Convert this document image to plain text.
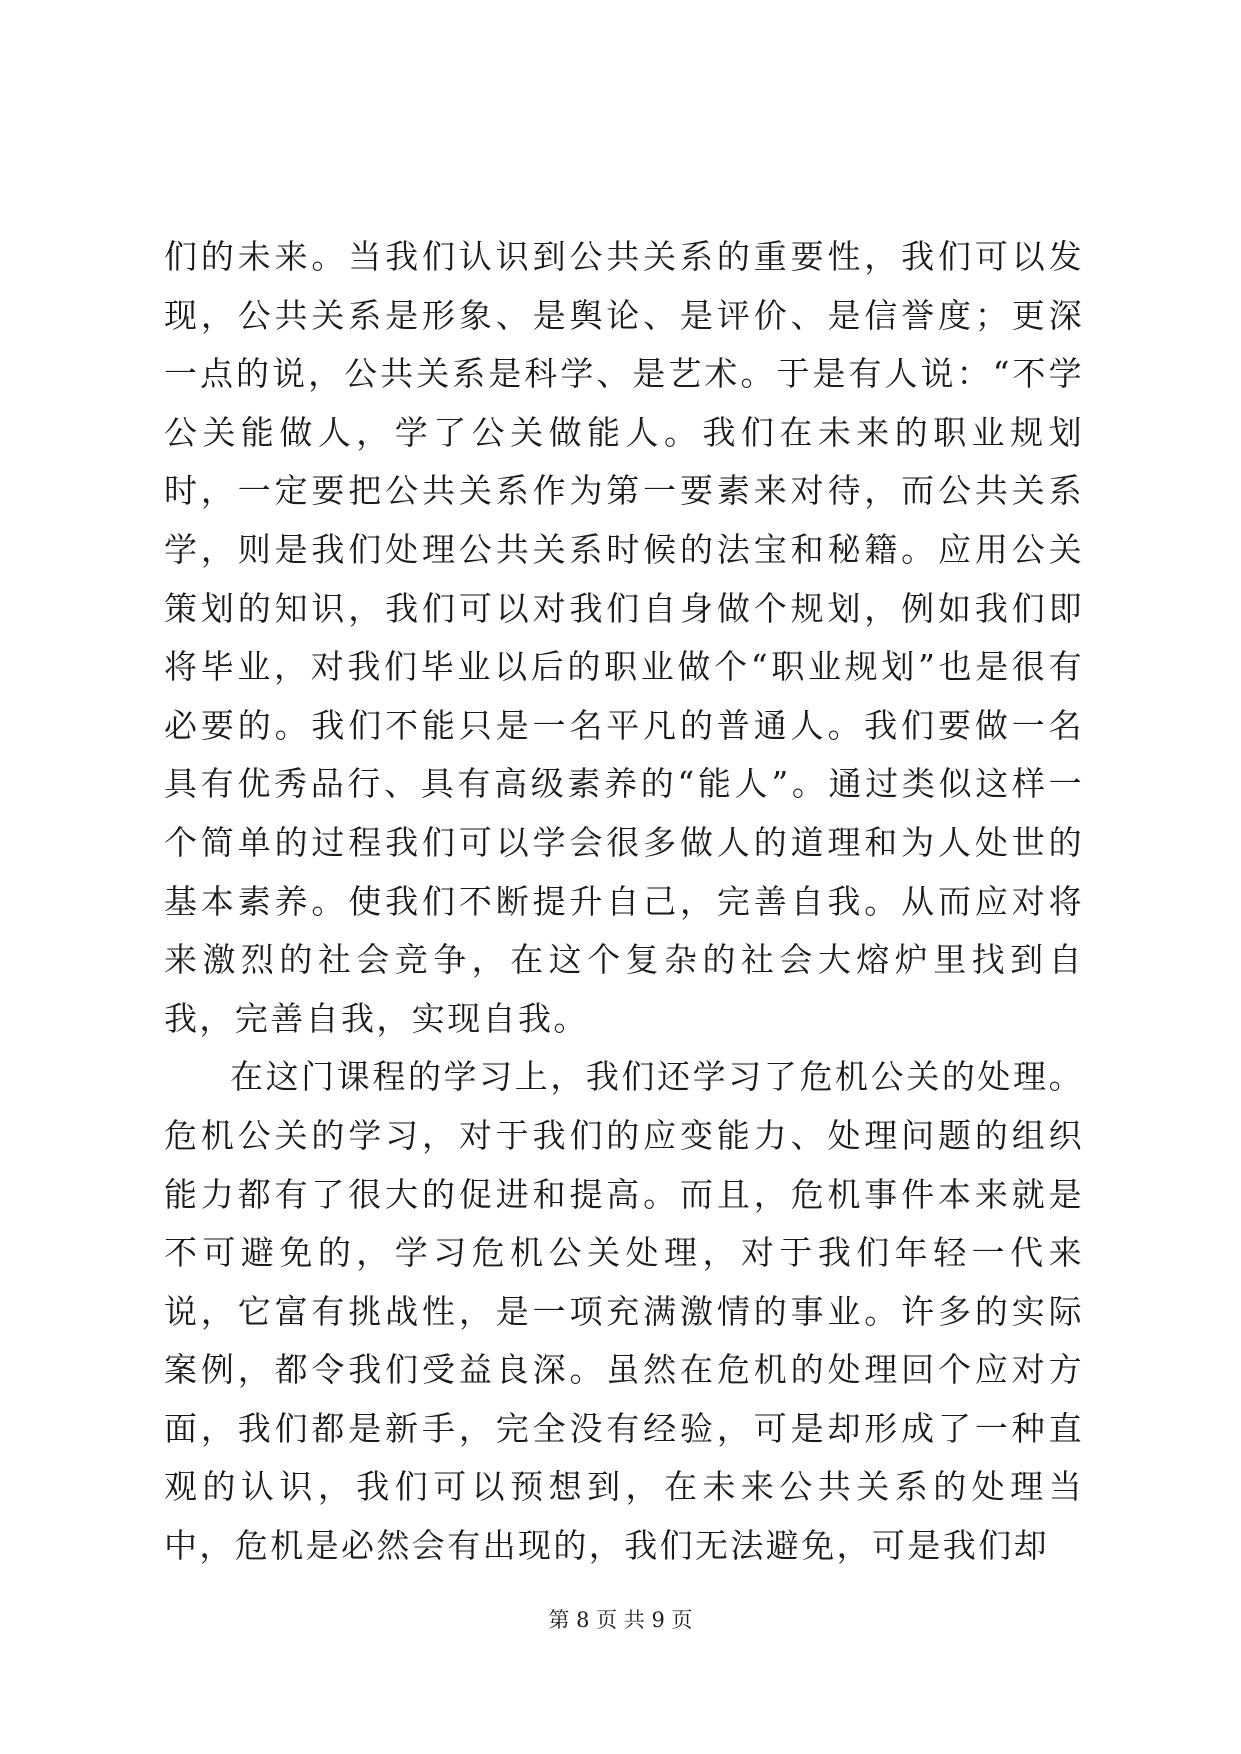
们的未来。当我们认识到公共关系的重要性，我们可以发现，公共关系是形象、是舆论、是评价、是信誉度；更深一点的说，公共关系是科学、是艺术。于是有人说：“不学公关能做人，学了公关做能人。我们在未来的职业规划时，一定要把公共关系作为第一要素来对待，而公共关系学，则是我们处理公共关系时候的法宝和秘籍。应用公关策划的知识，我们可以对我们自身做个规划，例如我们即将毕业，对我们毕业以后的职业做个“职业规划”也是很有必要的。我们不能只是一名平凡的普通人。我们要做一名具有优秀品行、具有高级素养的“能人”。通过类似这样一个简单的过程我们可以学会很多做人的道理和为人处世的基本素养。使我们不断提升自己，完善自我。从而应对将来激烈的社会竞争，在这个复杂的社会大熔炉里找到自我，完善自我，实现自我。

在这门课程的学习上，我们还学习了危机公关的处理。危机公关的学习，对于我们的应变能力、处理问题的组织能力都有了很大的促进和提高。而且，危机事件本来就是不可避免的，学习危机公关处理，对于我们年轻一代来说，它富有挑战性，是一项充满激情的事业。许多的实际案例，都令我们受益良深。虽然在危机的处理回个应对方面，我们都是新手，完全没有经验，可是却形成了一种直观的认识，我们可以预想到，在未来公共关系的处理当中，危机是必然会有出现的，我们无法避免，可是我们却

第 8 页 共 9 页
